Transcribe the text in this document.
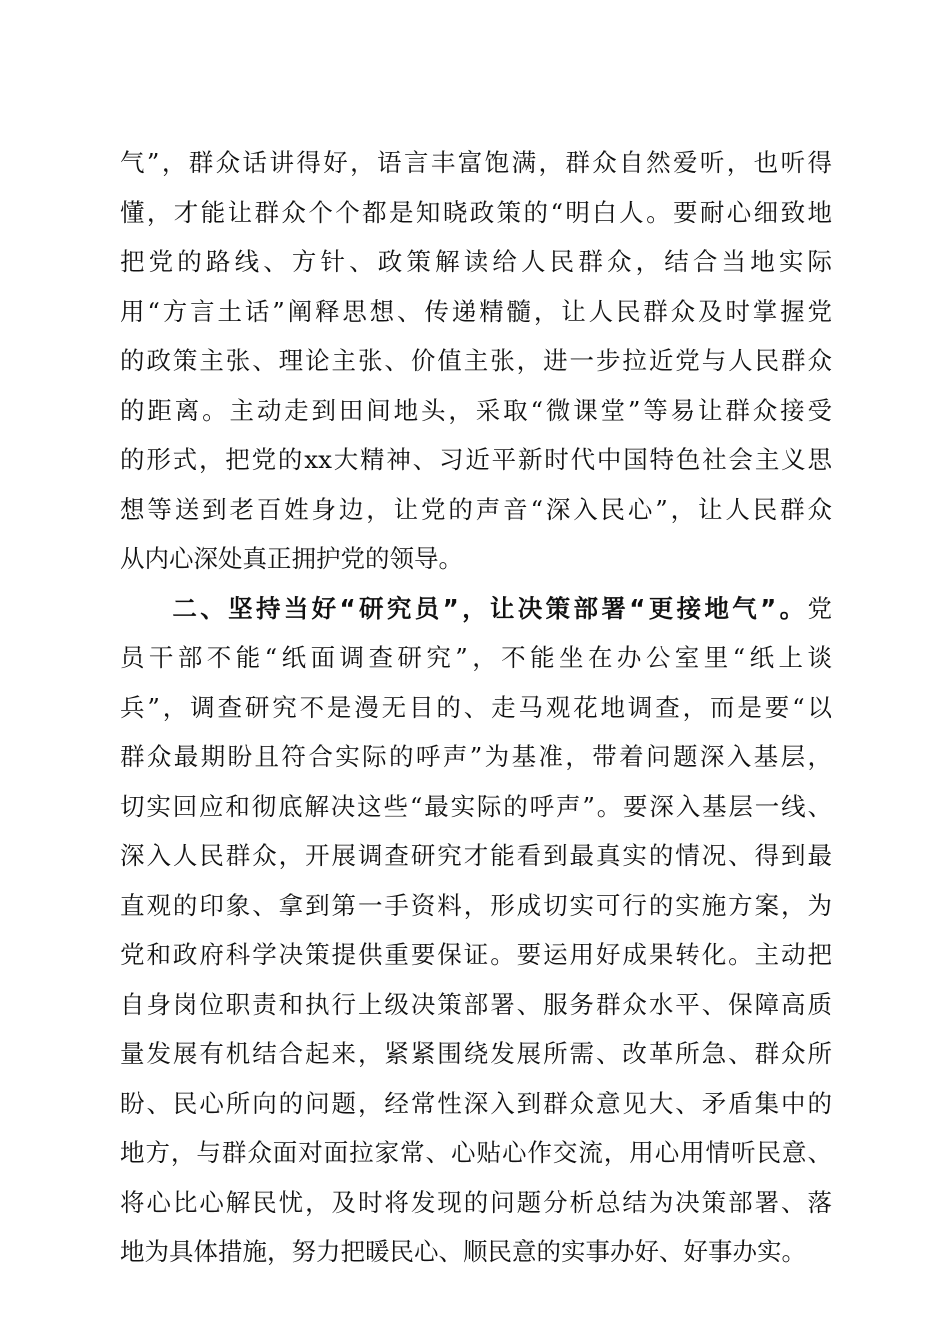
气”，群众话讲得好，语言丰富饱满，群众自然爱听，也听得
懂，才能让群众个个都是知晓政策的“明白人。要耐心细致地
把党的路线、方针、政策解读给人民群众，结合当地实际
用“方言土话”阐释思想、传递精髓，让人民群众及时掌握党
的政策主张、理论主张、价值主张，进一步拉近党与人民群众
的距离。主动走到田间地头，采取“微课堂”等易让群众接受
的形式，把党的xx大精神、习近平新时代中国特色社会主义思
想等送到老百姓身边，让党的声音“深入民心”，让人民群众
从内心深处真正拥护党的领导。
二、坚持当好“研究员”，让决策部署“更接地气”。党
员干部不能“纸面调查研究”，不能坐在办公室里“纸上谈
兵”，调查研究不是漫无目的、走马观花地调查，而是要“以
群众最期盼且符合实际的呼声”为基准，带着问题深入基层，
切实回应和彻底解决这些“最实际的呼声”。要深入基层一线、
深入人民群众，开展调查研究才能看到最真实的情况、得到最
直观的印象、拿到第一手资料，形成切实可行的实施方案，为
党和政府科学决策提供重要保证。要运用好成果转化。主动把
自身岗位职责和执行上级决策部署、服务群众水平、保障高质
量发展有机结合起来，紧紧围绕发展所需、改革所急、群众所
盼、民心所向的问题，经常性深入到群众意见大、矛盾集中的
地方，与群众面对面拉家常、心贴心作交流，用心用情听民意、
将心比心解民忧，及时将发现的问题分析总结为决策部署、落
地为具体措施，努力把暖民心、顺民意的实事办好、好事办实。
